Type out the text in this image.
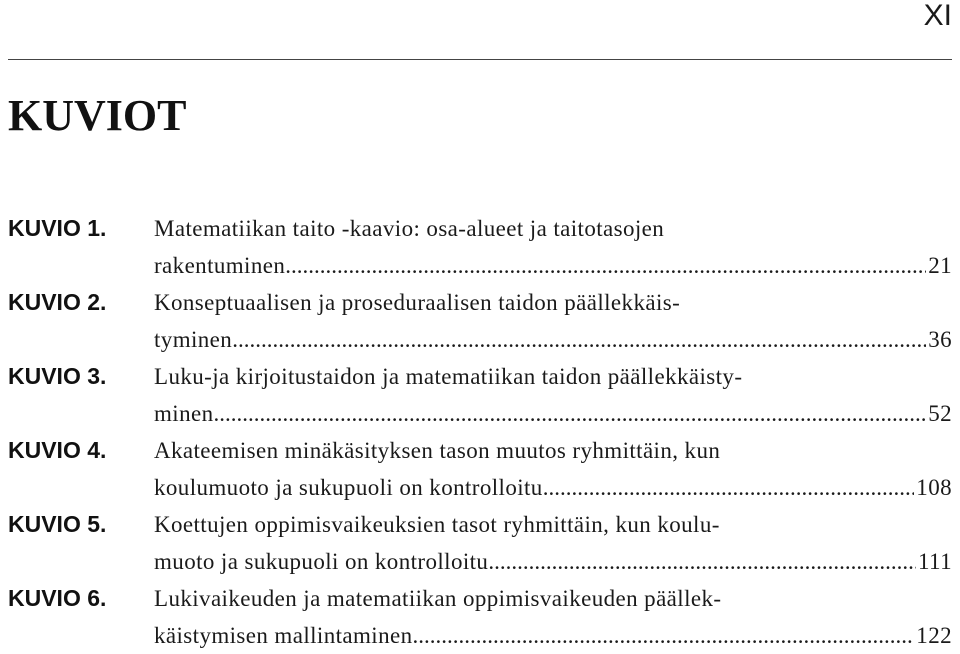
XI
KUVIOT
KUVIO 1. Matematiikan taito -kaavio: osa-alueet ja taitotasojen
rakentuminen .....	21
KUVIO 2. Konseptuaalisen ja proseduraalisen taidon päällekkäis-
tyminen .....	36
KUVIO 3. Luku-ja kirjoitustaidon ja matematiikan taidon päällekkäisty-
minen .....	52
KUVIO 4. Akateemisen minäkäsityksen tason muutos ryhmittäin, kun
koulumuoto ja sukupuoli on kontrolloitu .....	108
KUVIO 5. Koettujen oppimisvaikeuksien tasot ryhmittäin, kun koulu-
muoto ja sukupuoli on kontrolloitu .....	111
KUVIO 6. Lukivaikeuden ja matematiikan oppimisvaikeuden päällek-
käistymisen mallintaminen .....	122
